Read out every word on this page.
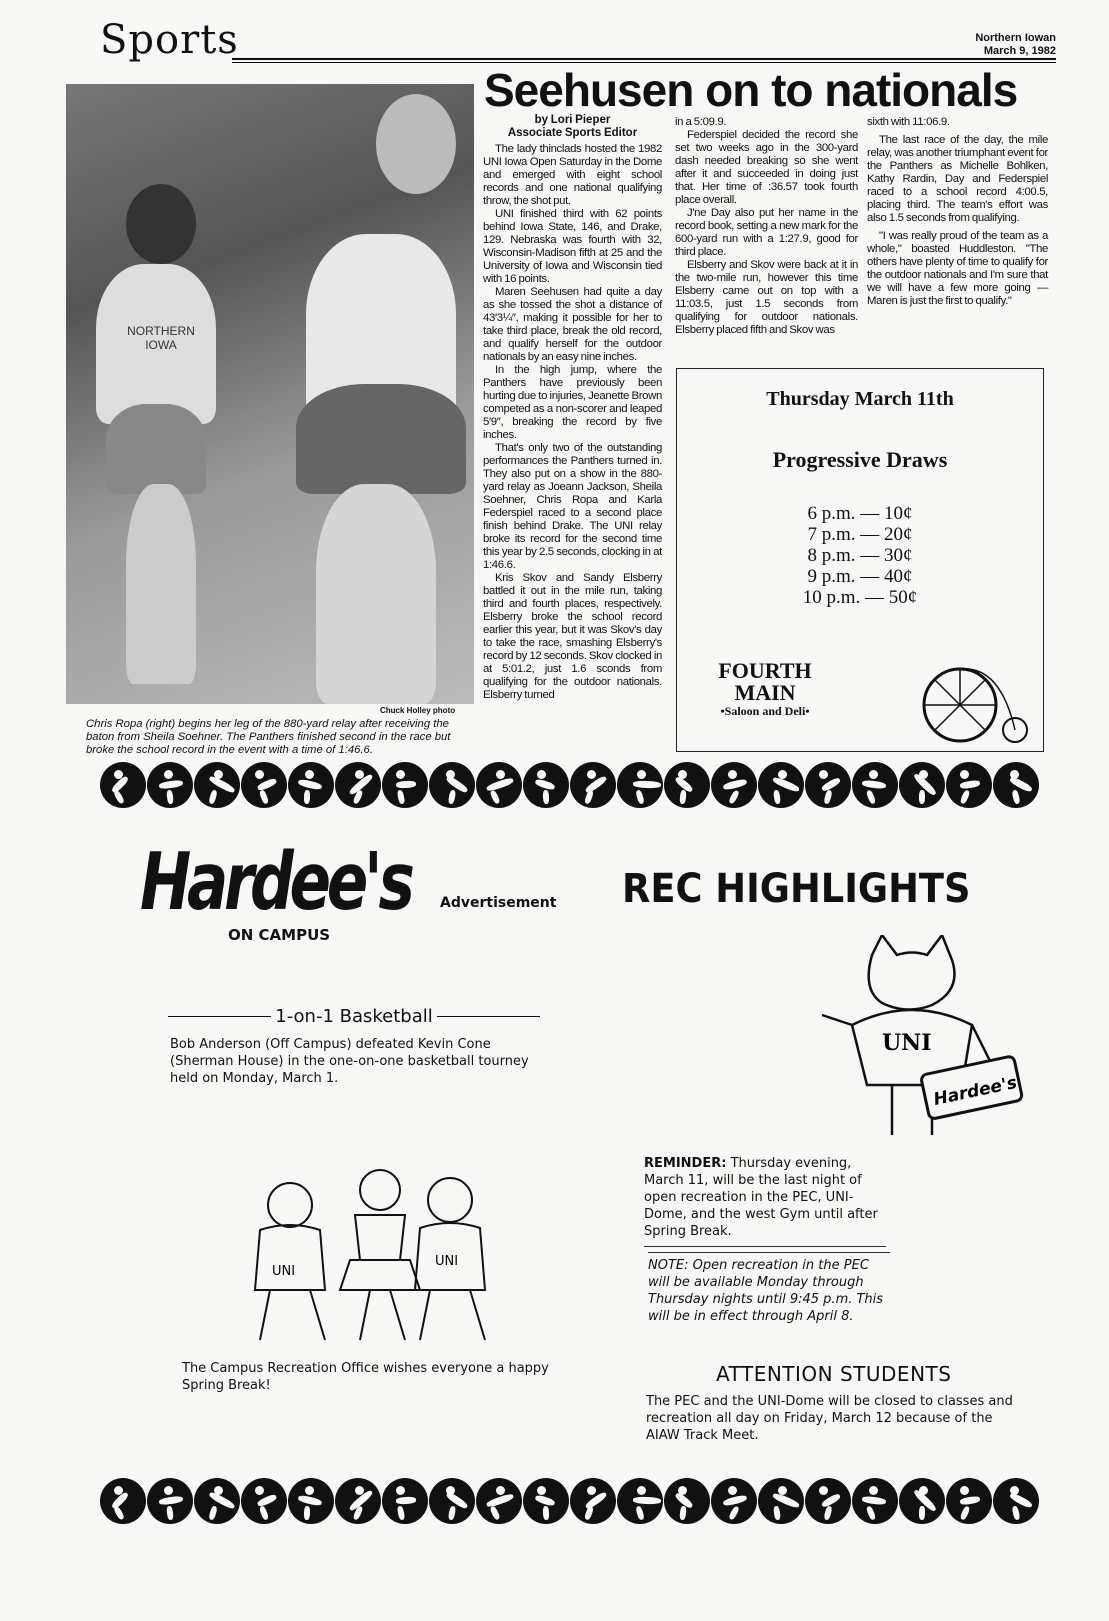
Sports	Northern Iowan
March 9, 1982
Seehusen on to nationals
NORTHERN IOWA
Chuck Holley photo
Chris Ropa (right) begins her leg of the 880-yard relay after receiving the baton from Sheila Soehner. The Panthers finished second in the race but broke the school record in the event with a time of 1:46.6.
by Lori Pieper
Associate Sports Editor

The lady thinclads hosted the 1982 UNI Iowa Open Saturday in the Dome and emerged with eight school records and one national qualifying throw, the shot put.

UNI finished third with 62 points behind Iowa State, 146, and Drake, 129. Nebraska was fourth with 32, Wisconsin-Madison fifth at 25 and the University of Iowa and Wisconsin tied with 16 points.

Maren Seehusen had quite a day as she tossed the shot a distance of 43′3¼″, making it possible for her to take third place, break the old record, and qualify herself for the outdoor nationals by an easy nine inches.

In the high jump, where the Panthers have previously been hurting due to injuries, Jeanette Brown competed as a non-scorer and leaped 5′9″, breaking the record by five inches.

That's only two of the outstanding performances the Panthers turned in. They also put on a show in the 880-yard relay as Joeann Jackson, Sheila Soehner, Chris Ropa and Karla Federspiel raced to a second place finish behind Drake. The UNI relay broke its record for the second time this year by 2.5 seconds, clocking in at 1:46.6.

Kris Skov and Sandy Elsberry battled it out in the mile run, taking third and fourth places, respectively. Elsberry broke the school record earlier this year, but it was Skov's day to take the race, smashing Elsberry's record by 12 seconds. Skov clocked in at 5:01.2, just 1.6 sconds from qualifying for the outdoor nationals. Elsberry turned

in a 5:09.9.

Federspiel decided the record she set two weeks ago in the 300-yard dash needed breaking so she went after it and succeeded in doing just that. Her time of :36.57 took fourth place overall.

J'ne Day also put her name in the record book, setting a new mark for the 600-yard run with a 1:27.9, good for third place.

Elsberry and Skov were back at it in the two-mile run, however this time Elsberry came out on top with a 11:03.5, just 1.5 seconds from qualifying for outdoor nationals. Elsberry placed fifth and Skov was

sixth with 11:06.9.

The last race of the day, the mile relay, was another triumphant event for the Panthers as Michelle Bohlken, Kathy Rardin, Day and Federspiel raced to a school record 4:00.5, placing third. The team's effort was also 1.5 seconds from qualifying.

"I was really proud of the team as a whole," boasted Huddleston. "The others have plenty of time to qualify for the outdoor nationals and I'm sure that we will have a few more going — Maren is just the first to qualify."

Thursday March 11th
Progressive Draws
6 p.m. — 10¢
7 p.m. — 20¢
8 p.m. — 30¢
9 p.m. — 40¢
10 p.m. — 50¢
FOURTH
MAIN
•Saloon and Deli•
Hardee's
ON CAMPUS
Advertisement REC HIGHLIGHTS
1-on-1 Basketball
Bob Anderson (Off Campus) defeated Kevin Cone (Sherman House) in the one-on-one basketball tourney held on Monday, March 1.
UNI
UNI
UNI
Hardee's
REMINDER: Thursday evening, March 11, will be the last night of open recreation in the PEC, UNI-Dome, and the west Gym until after Spring Break.
NOTE: Open recreation in the PEC will be available Monday through Thursday nights until 9:45 p.m. This will be in effect through April 8.
The Campus Recreation Office wishes everyone a happy Spring Break!	ATTENTION STUDENTS
The PEC and the UNI-Dome will be closed to classes and recreation all day on Friday, March 12 because of the AIAW Track Meet.
